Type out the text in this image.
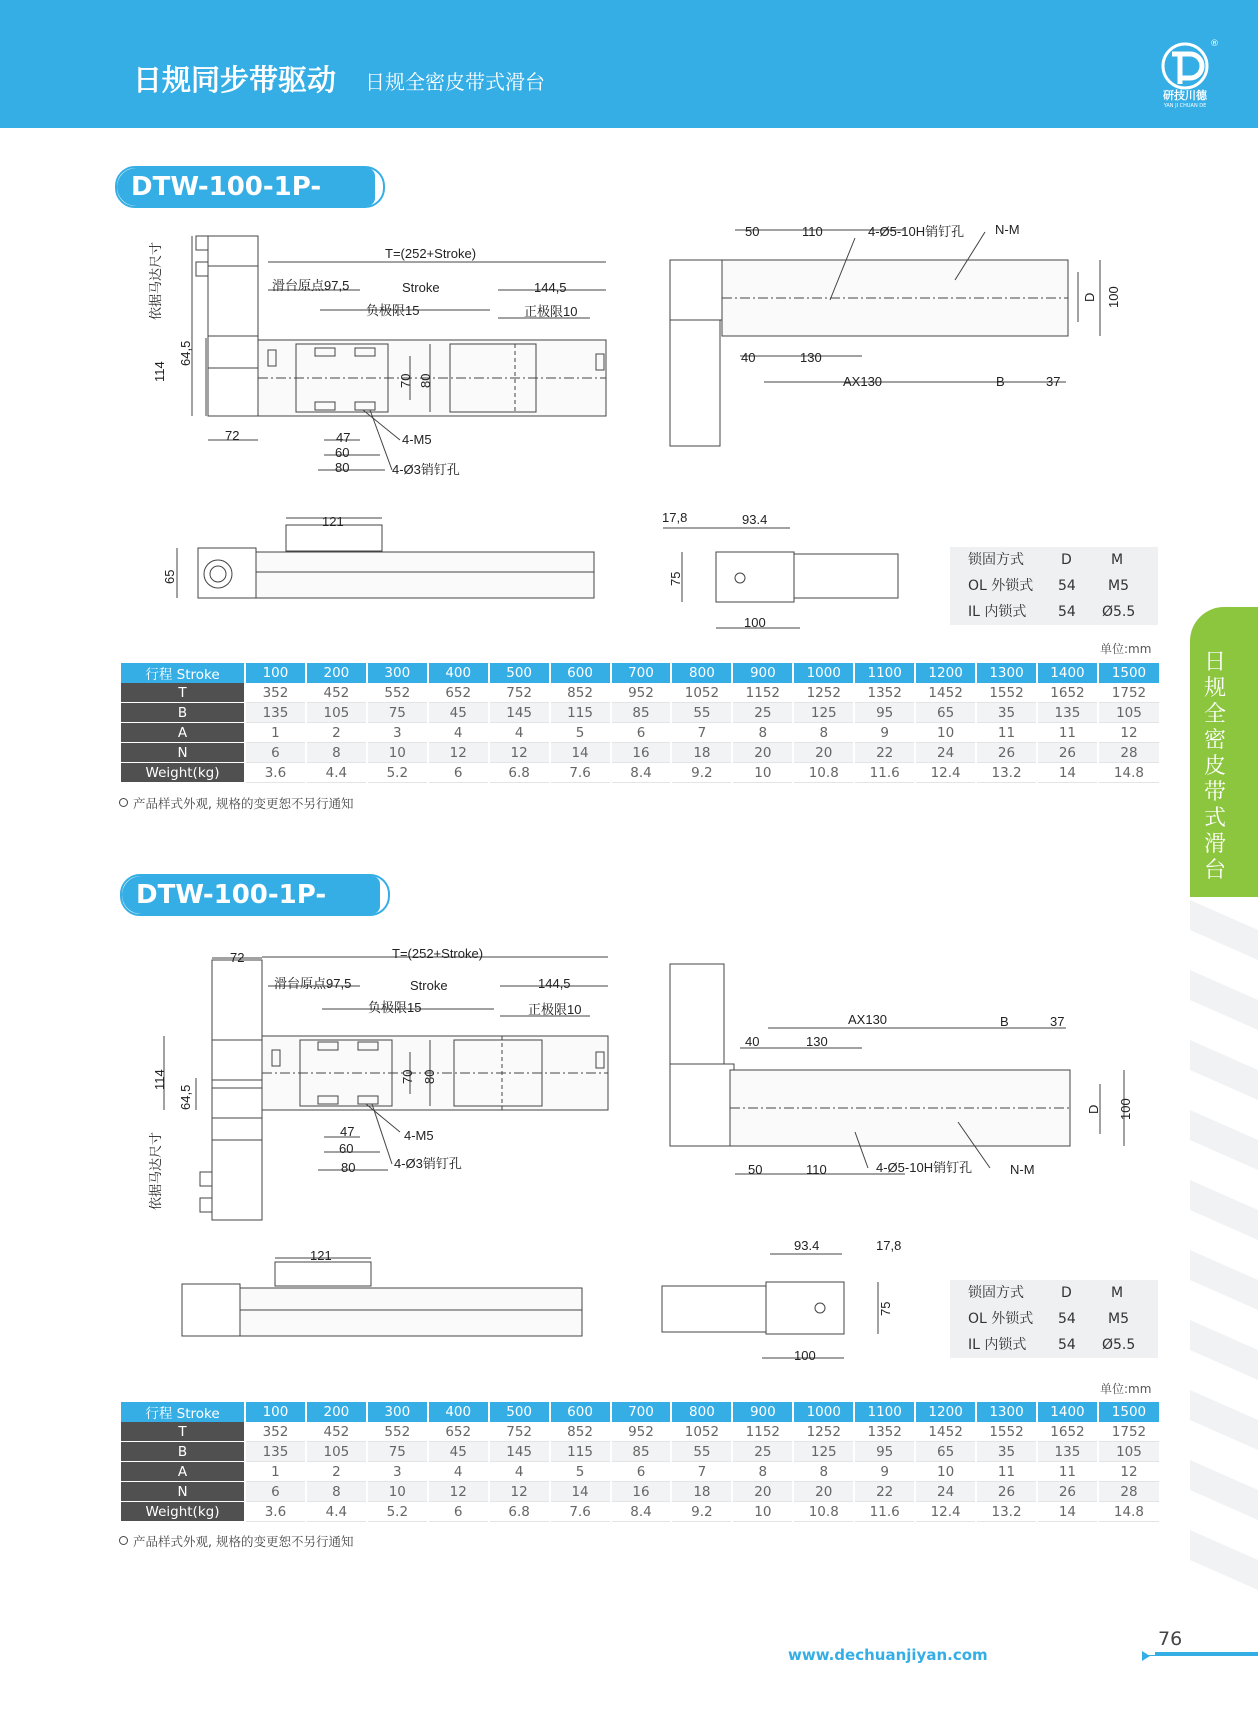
日规同步带驱动 日规全密皮带式滑台
®
研技川德
YAN JI CHUAN DE
DTW-100-1P-LM
依据马达尺寸	T=(252+Stroke)
滑台原点97,5	Stroke	144,5
负极限15	正极限10
64,5
114	70 80
72	47
60
80
4-M5
4-Ø3销钉孔
50	110	4-Ø5-10H销钉孔 N-M
D 100
40	130
AX130	B	37
121
65
17,8	93.4
75
100
锁固方式	D	M
OL 外锁式 54 M5
IL 内锁式 54 Ø5.5
单位:mm
行程 Stroke	100	200	300	400	500	600	700	800	900	1000	1100	1200	1300	1400	1500
T	352	452	552	652	752	852	952	1052	1152	1252	1352	1452	1552	1652	1752
B	135	105	75	45	145	115	85	55	25	125	95	65	35	135	105
A	1	2	3	4	4	5	6	7	8	8	9	10	11	11	12
N	6	8	10	12	12	14	16	18	20	20	22	24	26	26	28
Weight(kg)	3.6	4.4	5.2	6	6.8	7.6	8.4	9.2	10	10.8	11.6	12.4	13.2	14	14.8
产品样式外观, 规格的变更恕不另行通知
DTW-100-1P-RM
72	T=(252+Stroke)
滑台原点97,5	Stroke	144,5
负极限15	正极限10
114
64,5
70 80
依据马达尺寸
47
60
80
4-M5
4-Ø3销钉孔
AX130	B	37
40	130
D 100
50	110	4-Ø5-10H销钉孔	N-M
121
93.4	17,8
75
100
锁固方式	D	M
OL 外锁式 54 M5
IL 内锁式 54 Ø5.5
单位:mm
行程 Stroke	100	200	300	400	500	600	700	800	900	1000	1100	1200	1300	1400	1500
T	352	452	552	652	752	852	952	1052	1152	1252	1352	1452	1552	1652	1752
B	135	105	75	45	145	115	85	55	25	125	95	65	35	135	105
A	1	2	3	4	4	5	6	7	8	8	9	10	11	11	12
N	6	8	10	12	12	14	16	18	20	20	22	24	26	26	28
Weight(kg)	3.6	4.4	5.2	6	6.8	7.6	8.4	9.2	10	10.8	11.6	12.4	13.2	14	14.8
产品样式外观, 规格的变更恕不另行通知
日
规
全
密
皮
带
式
滑
台
www.dechuanjiyan.com
76
